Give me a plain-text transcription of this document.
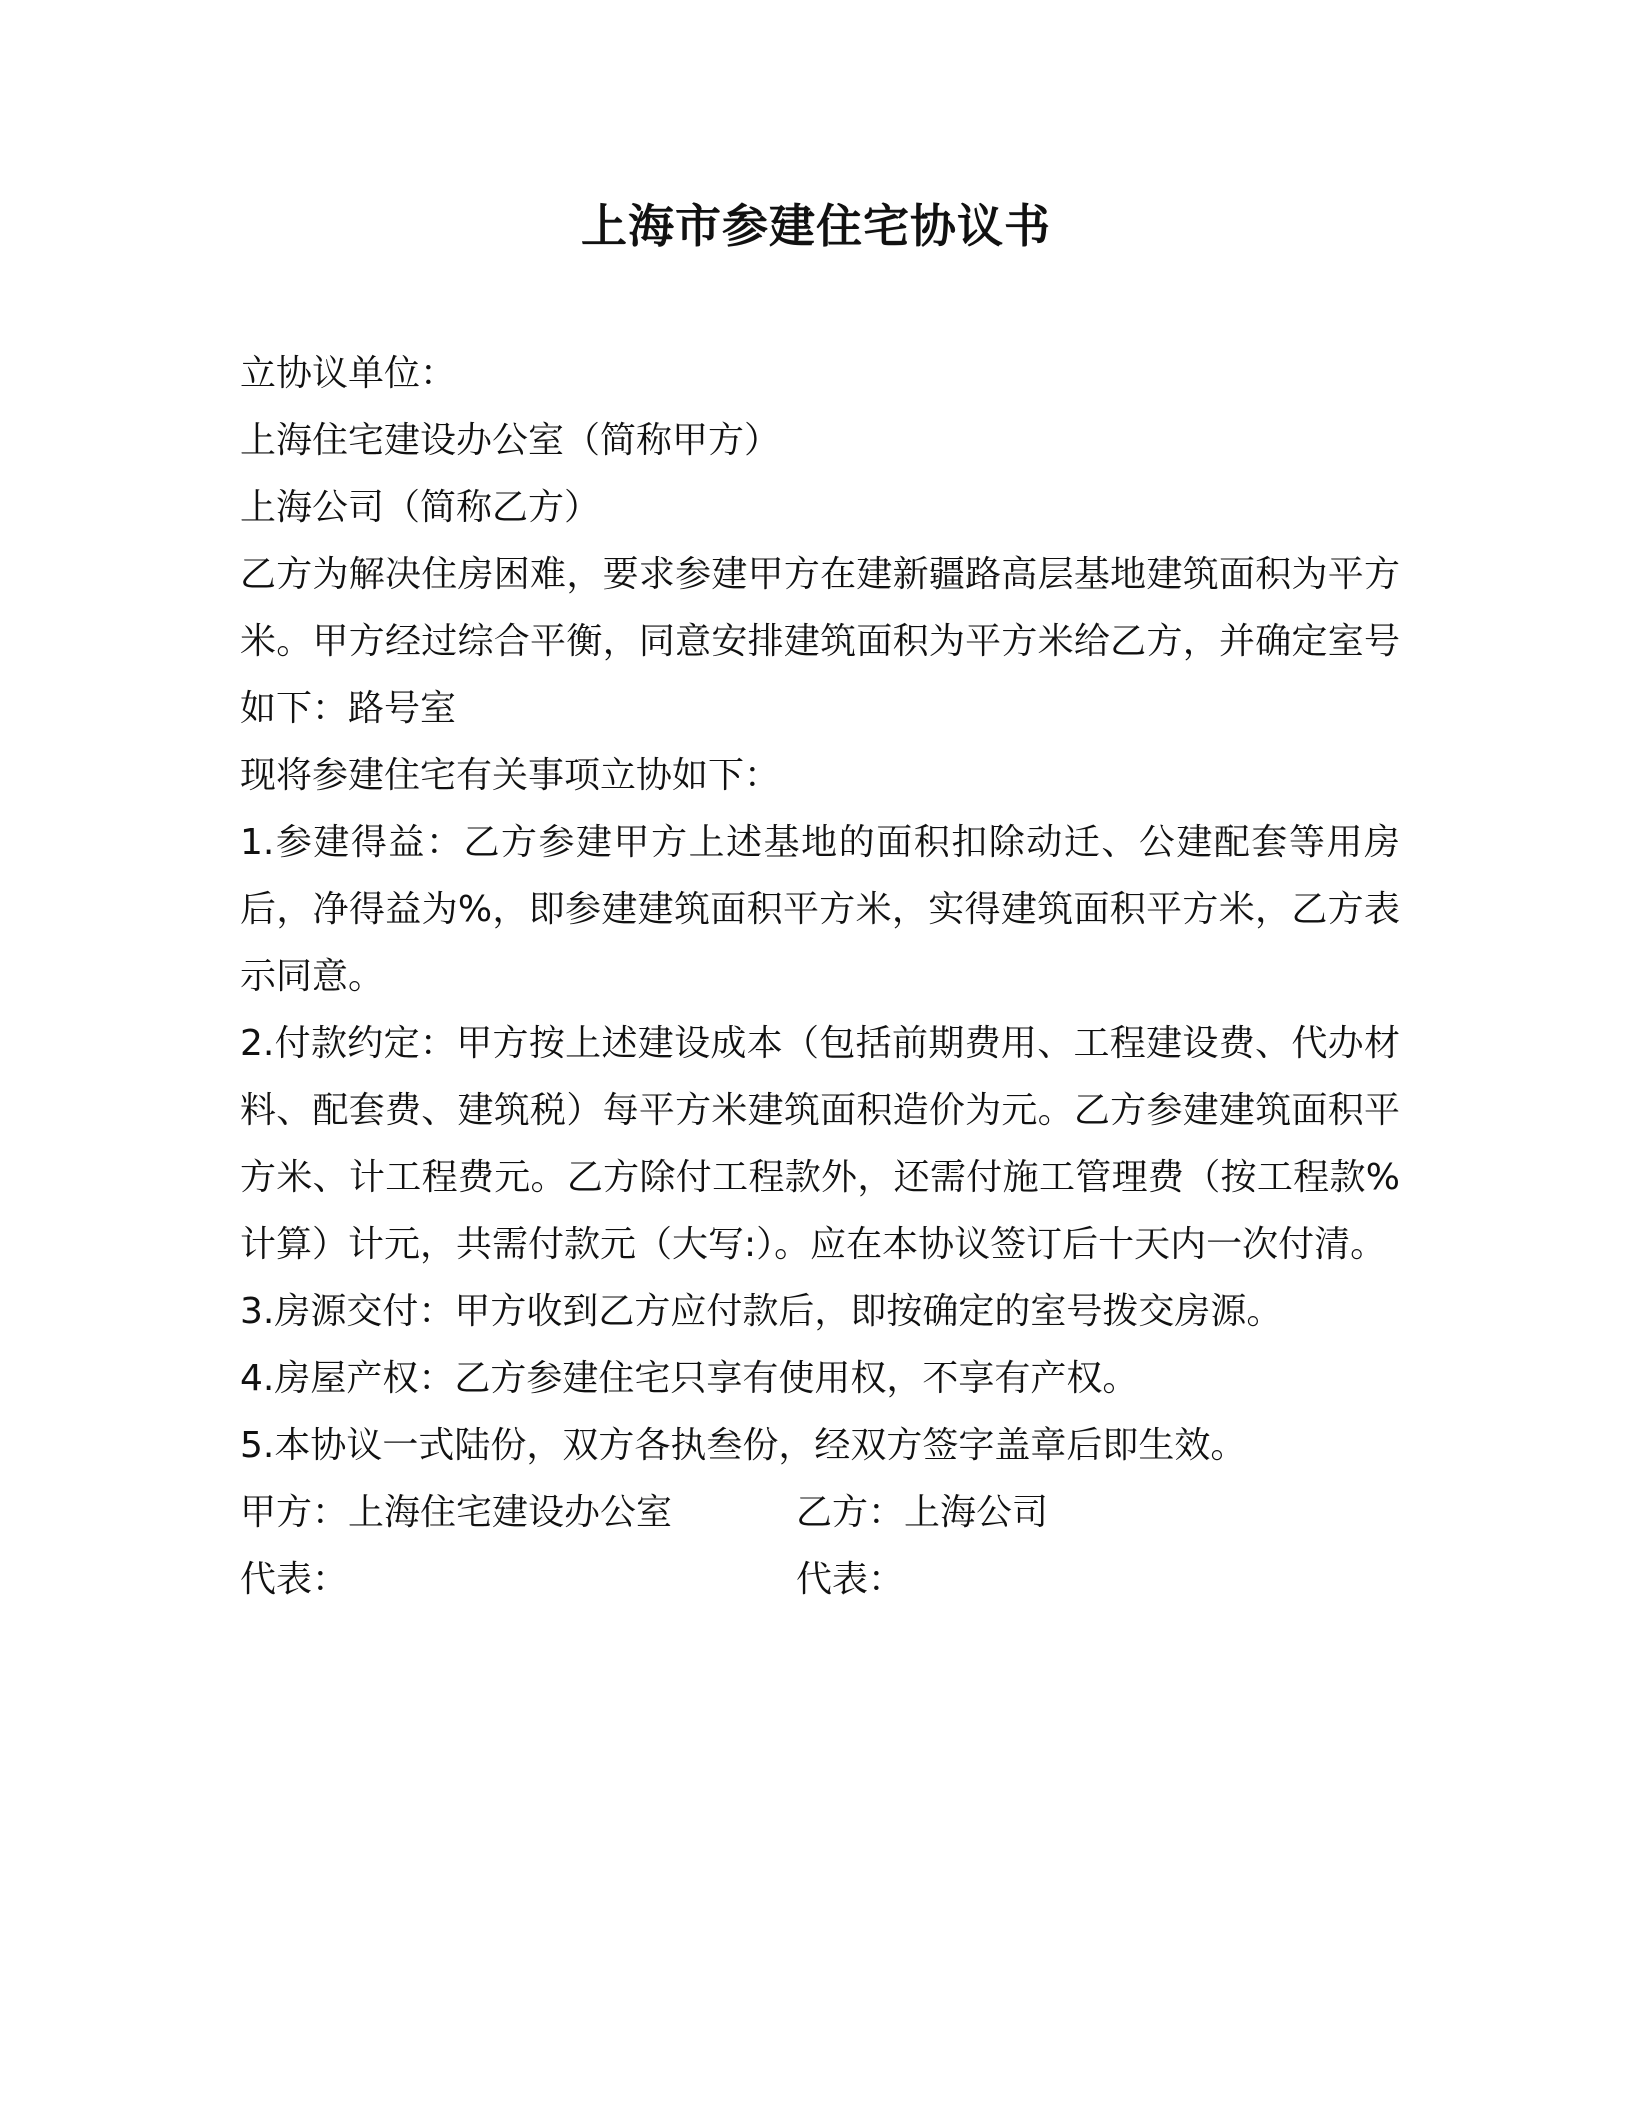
上海市参建住宅协议书

立协议单位：

上海住宅建设办公室（简称甲方）

上海公司（简称乙方）

乙方为解决住房困难，要求参建甲方在建新疆路高层基地建筑面积为平方米。甲方经过综合平衡，同意安排建筑面积为平方米给乙方，并确定室号如下：路号室

现将参建住宅有关事项立协如下：

1.参建得益：乙方参建甲方上述基地的面积扣除动迁、公建配套等用房后，净得益为%，即参建建筑面积平方米，实得建筑面积平方米，乙方表示同意。

2.付款约定：甲方按上述建设成本（包括前期费用、工程建设费、代办材料、配套费、建筑税）每平方米建筑面积造价为元。乙方参建建筑面积平方米、计工程费元。乙方除付工程款外，还需付施工管理费（按工程款%计算）计元，共需付款元（大写:）。应在本协议签订后十天内一次付清。

3.房源交付：甲方收到乙方应付款后，即按确定的室号拨交房源。

4.房屋产权：乙方参建住宅只享有使用权，不享有产权。

5.本协议一式陆份，双方各执叁份，经双方签字盖章后即生效。

甲方：上海住宅建设办公室	乙方：上海公司
代表：	代表：
